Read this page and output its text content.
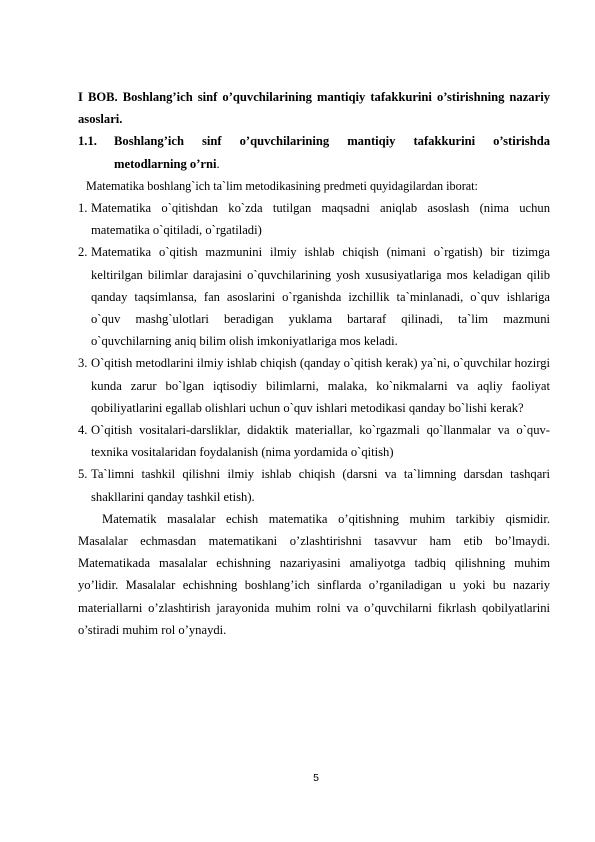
I BOB. Boshlang’ich sinf o’quvchilarining mantiqiy tafakkurini o’stirishning nazariy asoslari.

1.1.	Boshlang’ich sinf o’quvchilarining mantiqiy tafakkurini o’stirishda metodlarning o’rni.

Matematika boshlang`ich ta`lim metodikasining predmeti quyidagilardan iborat:

1. Matematika o`qitishdan ko`zda tutilgan maqsadni aniqlab asoslash (nima uchun matematika o`qitiladi, o`rgatiladi)
2. Matematika o`qitish mazmunini ilmiy ishlab chiqish (nimani o`rgatish) bir tizimga keltirilgan bilimlar darajasini o`quvchilarining yosh xususiyatlariga mos keladigan qilib qanday taqsimlansa, fan asoslarini o`rganishda izchillik ta`minlanadi, o`quv ishlariga o`quv mashg`ulotlari beradigan yuklama bartaraf qilinadi, ta`lim mazmuni o`quvchilarning aniq bilim olish imkoniyatlariga mos keladi.
3. O`qitish metodlarini ilmiy ishlab chiqish (qanday o`qitish kerak) ya`ni, o`quvchilar hozirgi kunda zarur bo`lgan iqtisodiy bilimlarni, malaka, ko`nikmalarni va aqliy faoliyat qobiliyatlarini egallab olishlari uchun o`quv ishlari metodikasi qanday bo`lishi kerak?
4. O`qitish vositalari-darsliklar, didaktik materiallar, ko`rgazmali qo`llanmalar va o`quv- texnika vositalaridan foydalanish (nima yordamida o`qitish)
5. Ta`limni tashkil qilishni ilmiy ishlab chiqish (darsni va ta`limning darsdan tashqari shakllarini qanday tashkil etish).

Matematik masalalar echish matematika o’qitishning muhim tarkibiy qismidir. Masalalar echmasdan matematikani o’zlashtirishni tasavvur ham etib bo’lmaydi. Matematikada masalalar echishning nazariyasini amaliyotga tadbiq qilishning muhim yo’lidir. Masalalar echishning boshlang’ich sinflarda o’rganiladigan u yoki bu nazariy materiallarni o’zlashtirish jarayonida muhim rolni va o’quvchilarni fikrlash qobilyatlarini o’stiradi muhim rol o’ynaydi.

5
